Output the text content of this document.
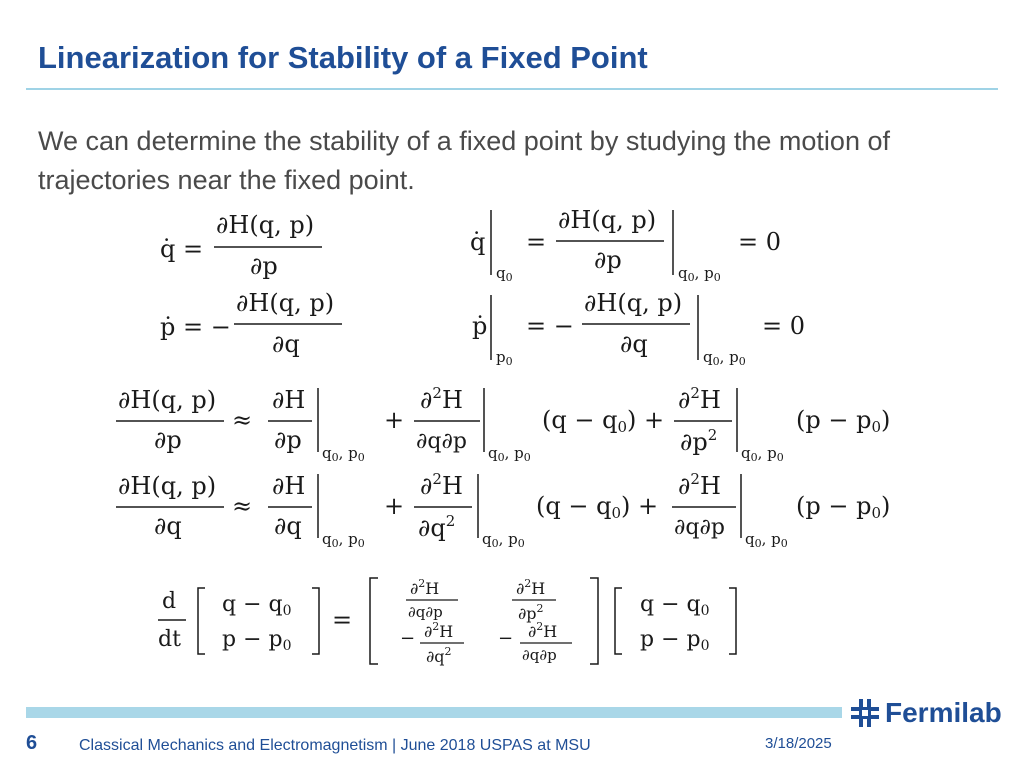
Linearization for Stability of a Fixed Point
We can determine the stability of a fixed point by studying the motion of trajectories near the fixed point.
q̇ =
∂H(q, p)
∂p
ṗ = −
∂H(q, p)
∂q
q̇
$q_0$
=
∂H(q, p)
∂p	$q_0$, $p_0$
= 0
ṗ
$p_0$
= −
∂H(q, p)
∂q	$q_0$, $p_0$
= 0
∂H(q, p)
∂p
≈
∂H
∂p $q_0$, $p_0$
+
∂$^2$H
∂q∂p $q_0$, $p_0$
(q − q0) +
∂$^2$H
$\partial p^2$
$q_0$, $p_0$
(p − p0)
∂H(q, p)
∂q
≈
∂H
∂q $q_0$, $p_0$
+
∂$^2$H
$\partial q^2$
$q_0$, $p_0$
(q − q0) +
∂$^2$H
∂q∂p $q_0$, $p_0$
(p − p0)
d
dt
q − q0
p − p0
=
∂$^2$H
∂q∂p
∂$^2$H
$\partial p^2$
− ∂$^2$H
$\partial q^2$
− ∂$^2$H
∂q∂p
q − q0
p − p0
Fermilab
6	Classical Mechanics and Electromagnetism | June 2018 USPAS at MSU	3/18/2025
